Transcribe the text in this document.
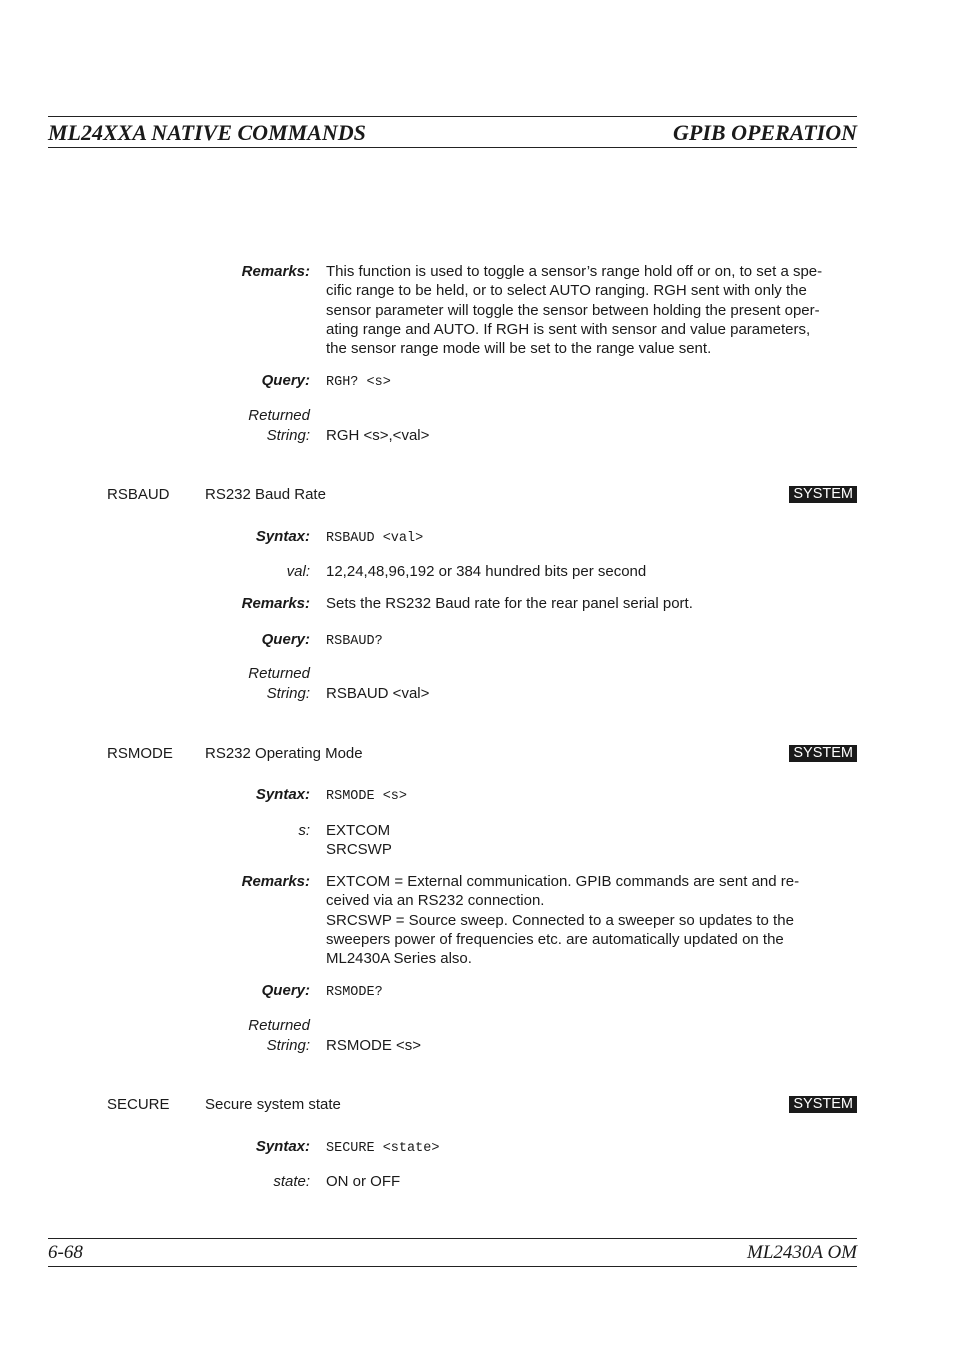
ML24XXA NATIVE COMMANDS	GPIB OPERATION
Remarks: This function is used to toggle a sensor’s range hold off or on, to set a spe-
cific range to be held, or to select AUTO ranging. RGH sent with only the
sensor parameter will toggle the sensor between holding the present oper-
ating range and AUTO. If RGH is sent with sensor and value parameters,
the sensor range mode will be set to the range value sent.
Query: RGH? <s>
Returned
String: RGH <s>,<val>
RSBAUD RS232 Baud Rate	SYSTEM
Syntax: RSBAUD <val>
val: 12,24,48,96,192 or 384 hundred bits per second
Remarks: Sets the RS232 Baud rate for the rear panel serial port.
Query: RSBAUD?
Returned
String: RSBAUD <val>
RSMODE RS232 Operating Mode	SYSTEM
Syntax: RSMODE <s>
s: EXTCOM
SRCSWP
Remarks: EXTCOM = External communication. GPIB commands are sent and re-
ceived via an RS232 connection.
SRCSWP = Source sweep. Connected to a sweeper so updates to the
sweepers power of frequencies etc. are automatically updated on the
ML2430A Series also.
Query: RSMODE?
Returned
String: RSMODE <s>
SECURE Secure system state	SYSTEM
Syntax: SECURE <state>
state: ON or OFF
6-68	ML2430A OM
